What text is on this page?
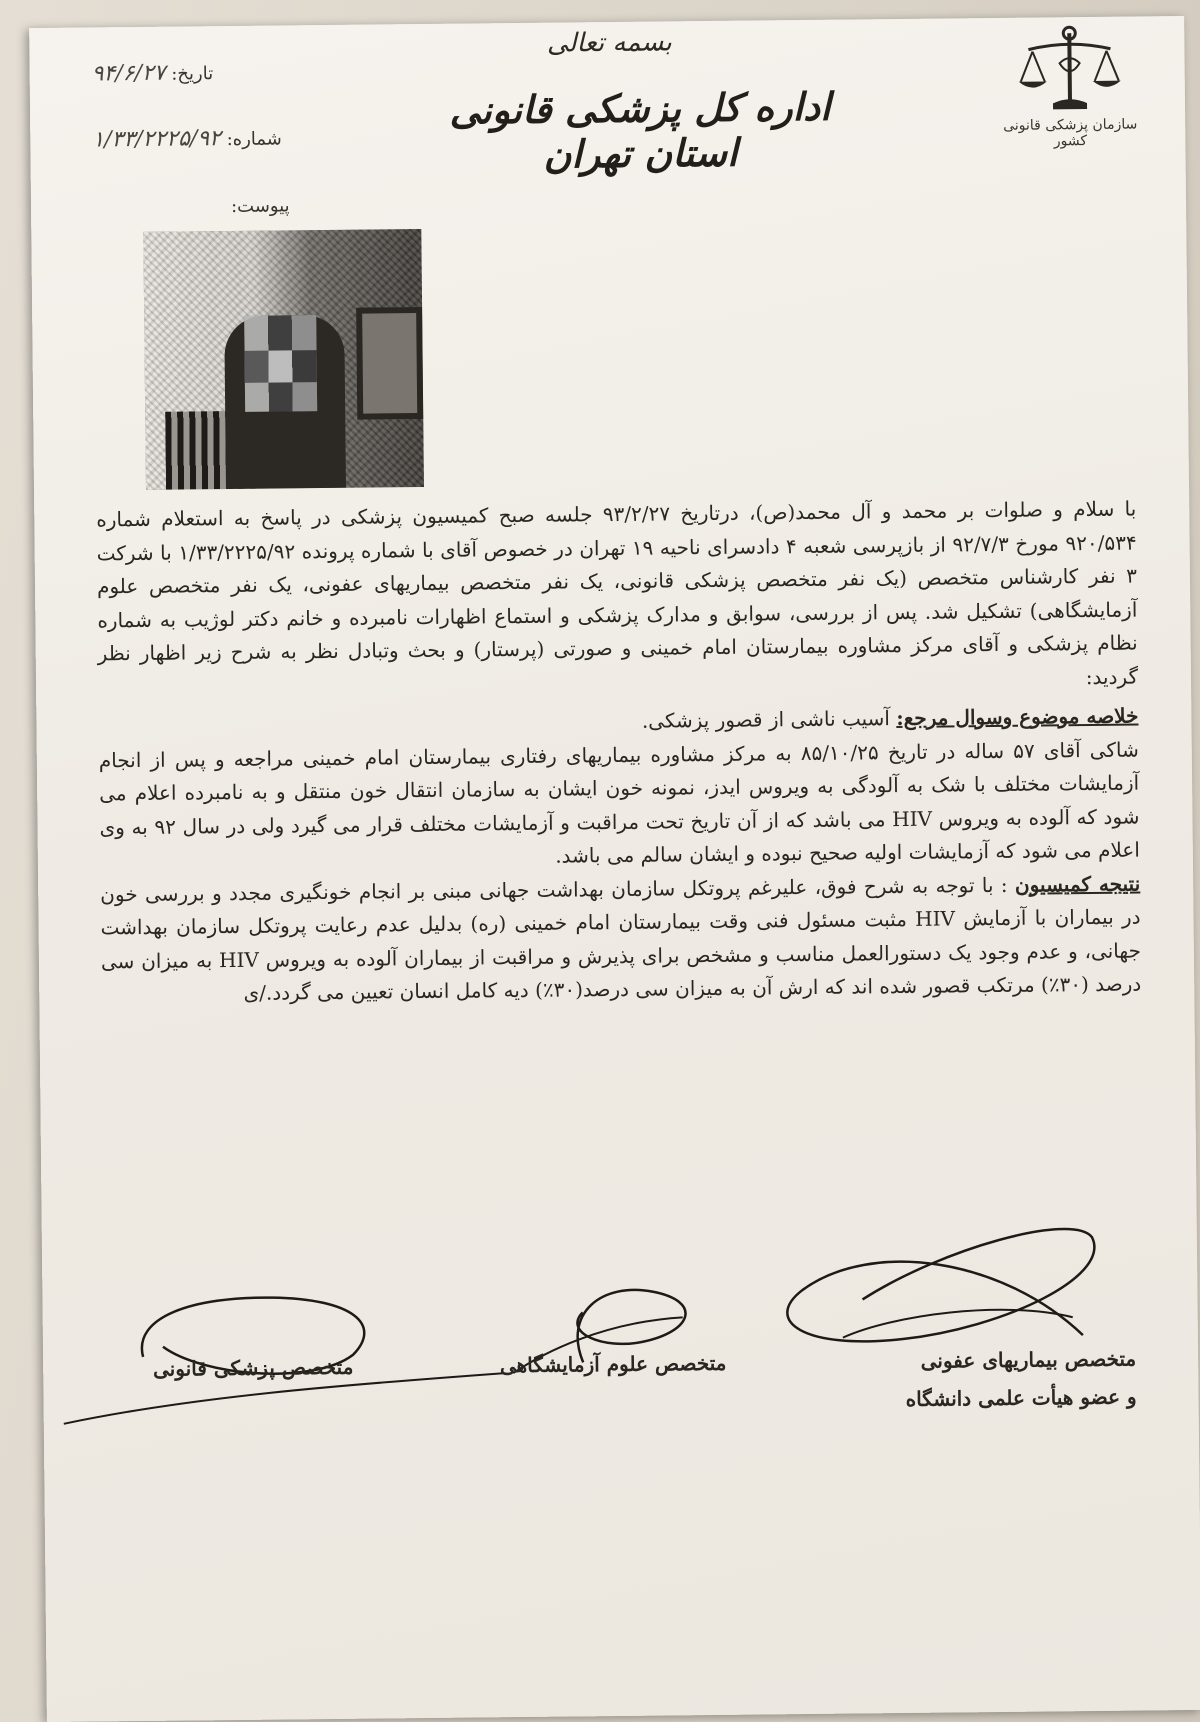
سازمان پزشکی قانونی کشور
بسمه تعالی
اداره کل پزشکی قانونی استان تهران
تاریخ: ۹۴/۶/۲۷
شماره: ۱/۳۳/۲۲۲۵/۹۲
پیوست:

با سلام و صلوات بر محمد و آل محمد(ص)، درتاریخ ۹۳/۲/۲۷ جلسه صبح کمیسیون پزشکی در پاسخ به استعلام شماره ۹۲۰/۵۳۴ مورخ ۹۲/۷/۳ از بازپرسی شعبه ۴ دادسرای ناحیه ۱۹ تهران در خصوص آقای با شماره پرونده ۱/۳۳/۲۲۲۵/۹۲ با شرکت ۳ نفر کارشناس متخصص (یک نفر متخصص پزشکی قانونی، یک نفر متخصص بیماریهای عفونی، یک نفر متخصص علوم آزمایشگاهی) تشکیل شد. پس از بررسی، سوابق و مدارک پزشکی و استماع اظهارات نامبرده و خانم دکتر لوژیب به شماره نظام پزشکی و آقای مرکز مشاوره بیمارستان امام خمینی و صورتی (پرستار) و بحث وتبادل نظر به شرح زیر اظهار نظر گردید:

خلاصه موضوع وسوال مرجع: آسیب ناشی از قصور پزشکی.

شاکی آقای ۵۷ ساله در تاریخ ۸۵/۱۰/۲۵ به مرکز مشاوره بیماریهای رفتاری بیمارستان امام خمینی مراجعه و پس از انجام آزمایشات مختلف با شک به آلودگی به ویروس ایدز، نمونه خون ایشان به سازمان انتقال خون منتقل و به نامبرده اعلام می شود که آلوده به ویروس HIV می باشد که از آن تاریخ تحت مراقبت و آزمایشات مختلف قرار می گیرد ولی در سال ۹۲ به وی اعلام می شود که آزمایشات اولیه صحیح نبوده و ایشان سالم می باشد.

نتیجه کمیسیون : با توجه به شرح فوق، علیرغم پروتکل سازمان بهداشت جهانی مبنی بر انجام خونگیری مجدد و بررسی خون در بیماران با آزمایش HIV مثبت مسئول فنی وقت بیمارستان امام خمینی (ره) بدلیل عدم رعایت پروتکل سازمان بهداشت جهانی، و عدم وجود یک دستورالعمل مناسب و مشخص برای پذیرش و مراقبت از بیماران آلوده به ویروس HIV به میزان سی درصد (۳۰٪) مرتکب قصور شده اند که ارش آن به میزان سی درصد(۳۰٪) دیه کامل انسان تعیین می گردد./ی

متخصص بیماریهای عفونی
و عضو هیأت علمی دانشگاه
متخصص علوم آزمایشگاهی
متخصص پزشکی قانونی
